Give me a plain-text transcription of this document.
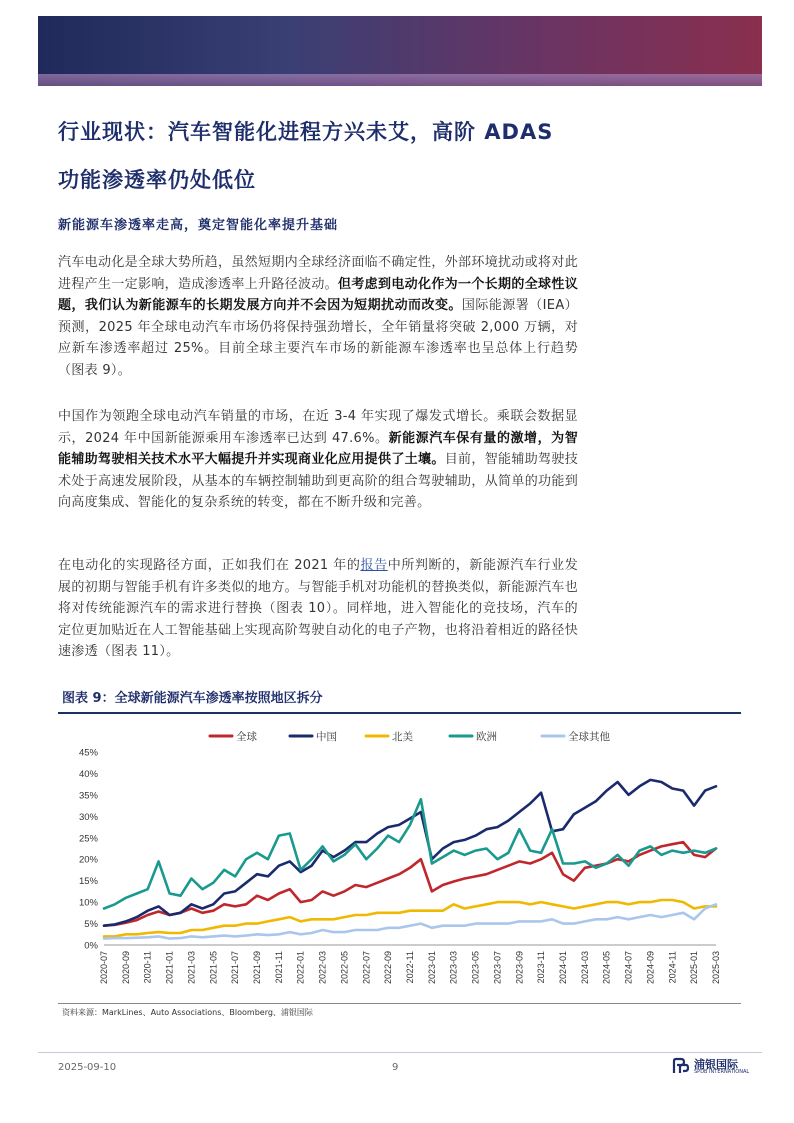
行业现状：汽车智能化进程方兴未艾，高阶 ADAS
功能渗透率仍处低位
新能源车渗透率走高，奠定智能化率提升基础
汽车电动化是全球大势所趋，虽然短期内全球经济面临不确定性，外部环境扰动或将对此进程产生一定影响，造成渗透率上升路径波动。但考虑到电动化作为一个长期的全球性议题，我们认为新能源车的长期发展方向并不会因为短期扰动而改变。国际能源署（IEA）预测，2025 年全球电动汽车市场仍将保持强劲增长，全年销量将突破 2,000 万辆，对应新车渗透率超过 25%。目前全球主要汽车市场的新能源车渗透率也呈总体上行趋势（图表 9）。
中国作为领跑全球电动汽车销量的市场，在近 3-4 年实现了爆发式增长。乘联会数据显示，2024 年中国新能源乘用车渗透率已达到 47.6%。新能源汽车保有量的激增，为智能辅助驾驶相关技术水平大幅提升并实现商业化应用提供了土壤。目前，智能辅助驾驶技术处于高速发展阶段，从基本的车辆控制辅助到更高阶的组合驾驶辅助，从简单的功能到向高度集成、智能化的复杂系统的转变，都在不断升级和完善。
在电动化的实现路径方面，正如我们在 2021 年的报告中所判断的，新能源汽车行业发展的初期与智能手机有许多类似的地方。与智能手机对功能机的替换类似，新能源汽车也将对传统能源汽车的需求进行替换（图表 10）。同样地，进入智能化的竞技场，汽车的定位更加贴近在人工智能基础上实现高阶驾驶自动化的电子产物，也将沿着相近的路径快速渗透（图表 11）。
图表 9：全球新能源汽车渗透率按照地区拆分
全球	中国	北美	欧洲	全球其他
0%
5%
10%
15%
20%
25%
30%
35%
40%
45%
2020-07 2020-09 2020-11 2021-01 2021-03 2021-05 2021-07 2021-09 2021-11 2022-01 2022-03 2022-05 2022-07 2022-09 2022-11 2023-01 2023-03 2023-05 2023-07 2023-09 2023-11 2024-01 2024-03 2024-05 2024-07 2024-09 2024-11 2025-01 2025-03
资料来源：MarkLines、Auto Associations、Bloomberg、浦银国际
2025-09-10	9	浦银国际
SPDB INTERNATIONAL
